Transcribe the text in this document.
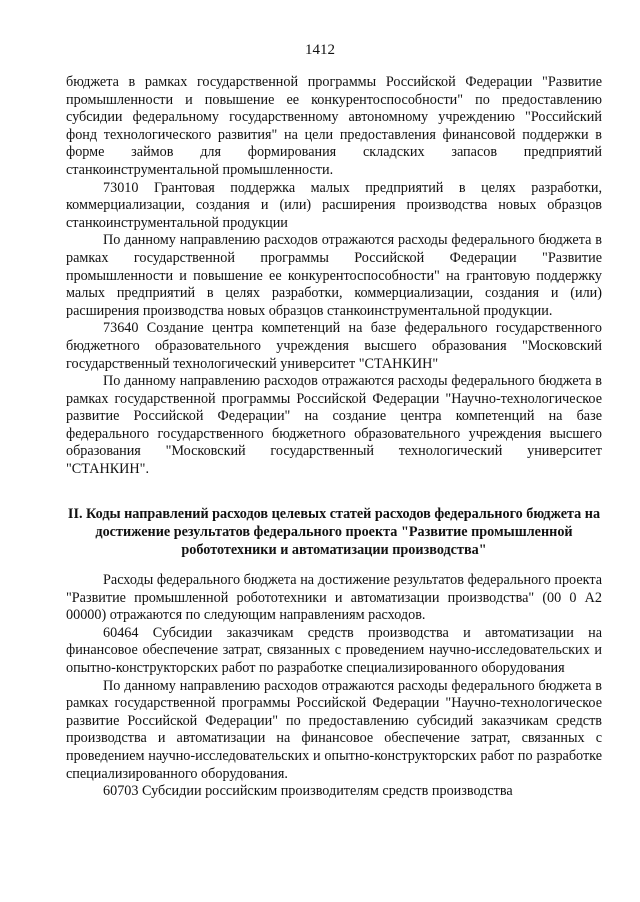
1412

бюджета в рамках государственной программы Российской Федерации "Развитие промышленности и повышение ее конкурентоспособности" по предоставлению субсидии федеральному государственному автономному учреждению "Российский фонд технологического развития" на цели предоставления финансовой поддержки в форме займов для формирования складских запасов предприятий станкоинструментальной промышленности.

73010 Грантовая поддержка малых предприятий в целях разработки, коммерциализации, создания и (или) расширения производства новых образцов станкоинструментальной продукции

По данному направлению расходов отражаются расходы федерального бюджета в рамках государственной программы Российской Федерации "Развитие промышленности и повышение ее конкурентоспособности" на грантовую поддержку малых предприятий в целях разработки, коммерциализации, создания и (или) расширения производства новых образцов станкоинструментальной продукции.

73640 Создание центра компетенций на базе федерального государственного бюджетного образовательного учреждения высшего образования "Московский государственный технологический университет "СТАНКИН"

По данному направлению расходов отражаются расходы федерального бюджета в рамках государственной программы Российской Федерации "Научно-технологическое развитие Российской Федерации" на создание центра компетенций на базе федерального государственного бюджетного образовательного учреждения высшего образования "Московский государственный технологический университет "СТАНКИН".

II. Коды направлений расходов целевых статей расходов федерального бюджета на достижение результатов федерального проекта "Развитие промышленной робототехники и автоматизации производства"

Расходы федерального бюджета на достижение результатов федерального проекта "Развитие промышленной робототехники и автоматизации производства" (00 0 А2 00000) отражаются по следующим направлениям расходов.

60464 Субсидии заказчикам средств производства и автоматизации на финансовое обеспечение затрат, связанных с проведением научно-исследовательских и опытно-конструкторских работ по разработке специализированного оборудования

По данному направлению расходов отражаются расходы федерального бюджета в рамках государственной программы Российской Федерации "Научно-технологическое развитие Российской Федерации" по предоставлению субсидий заказчикам средств производства и автоматизации на финансовое обеспечение затрат, связанных с проведением научно-исследовательских и опытно-конструкторских работ по разработке специализированного оборудования.

60703 Субсидии российским производителям средств производства
